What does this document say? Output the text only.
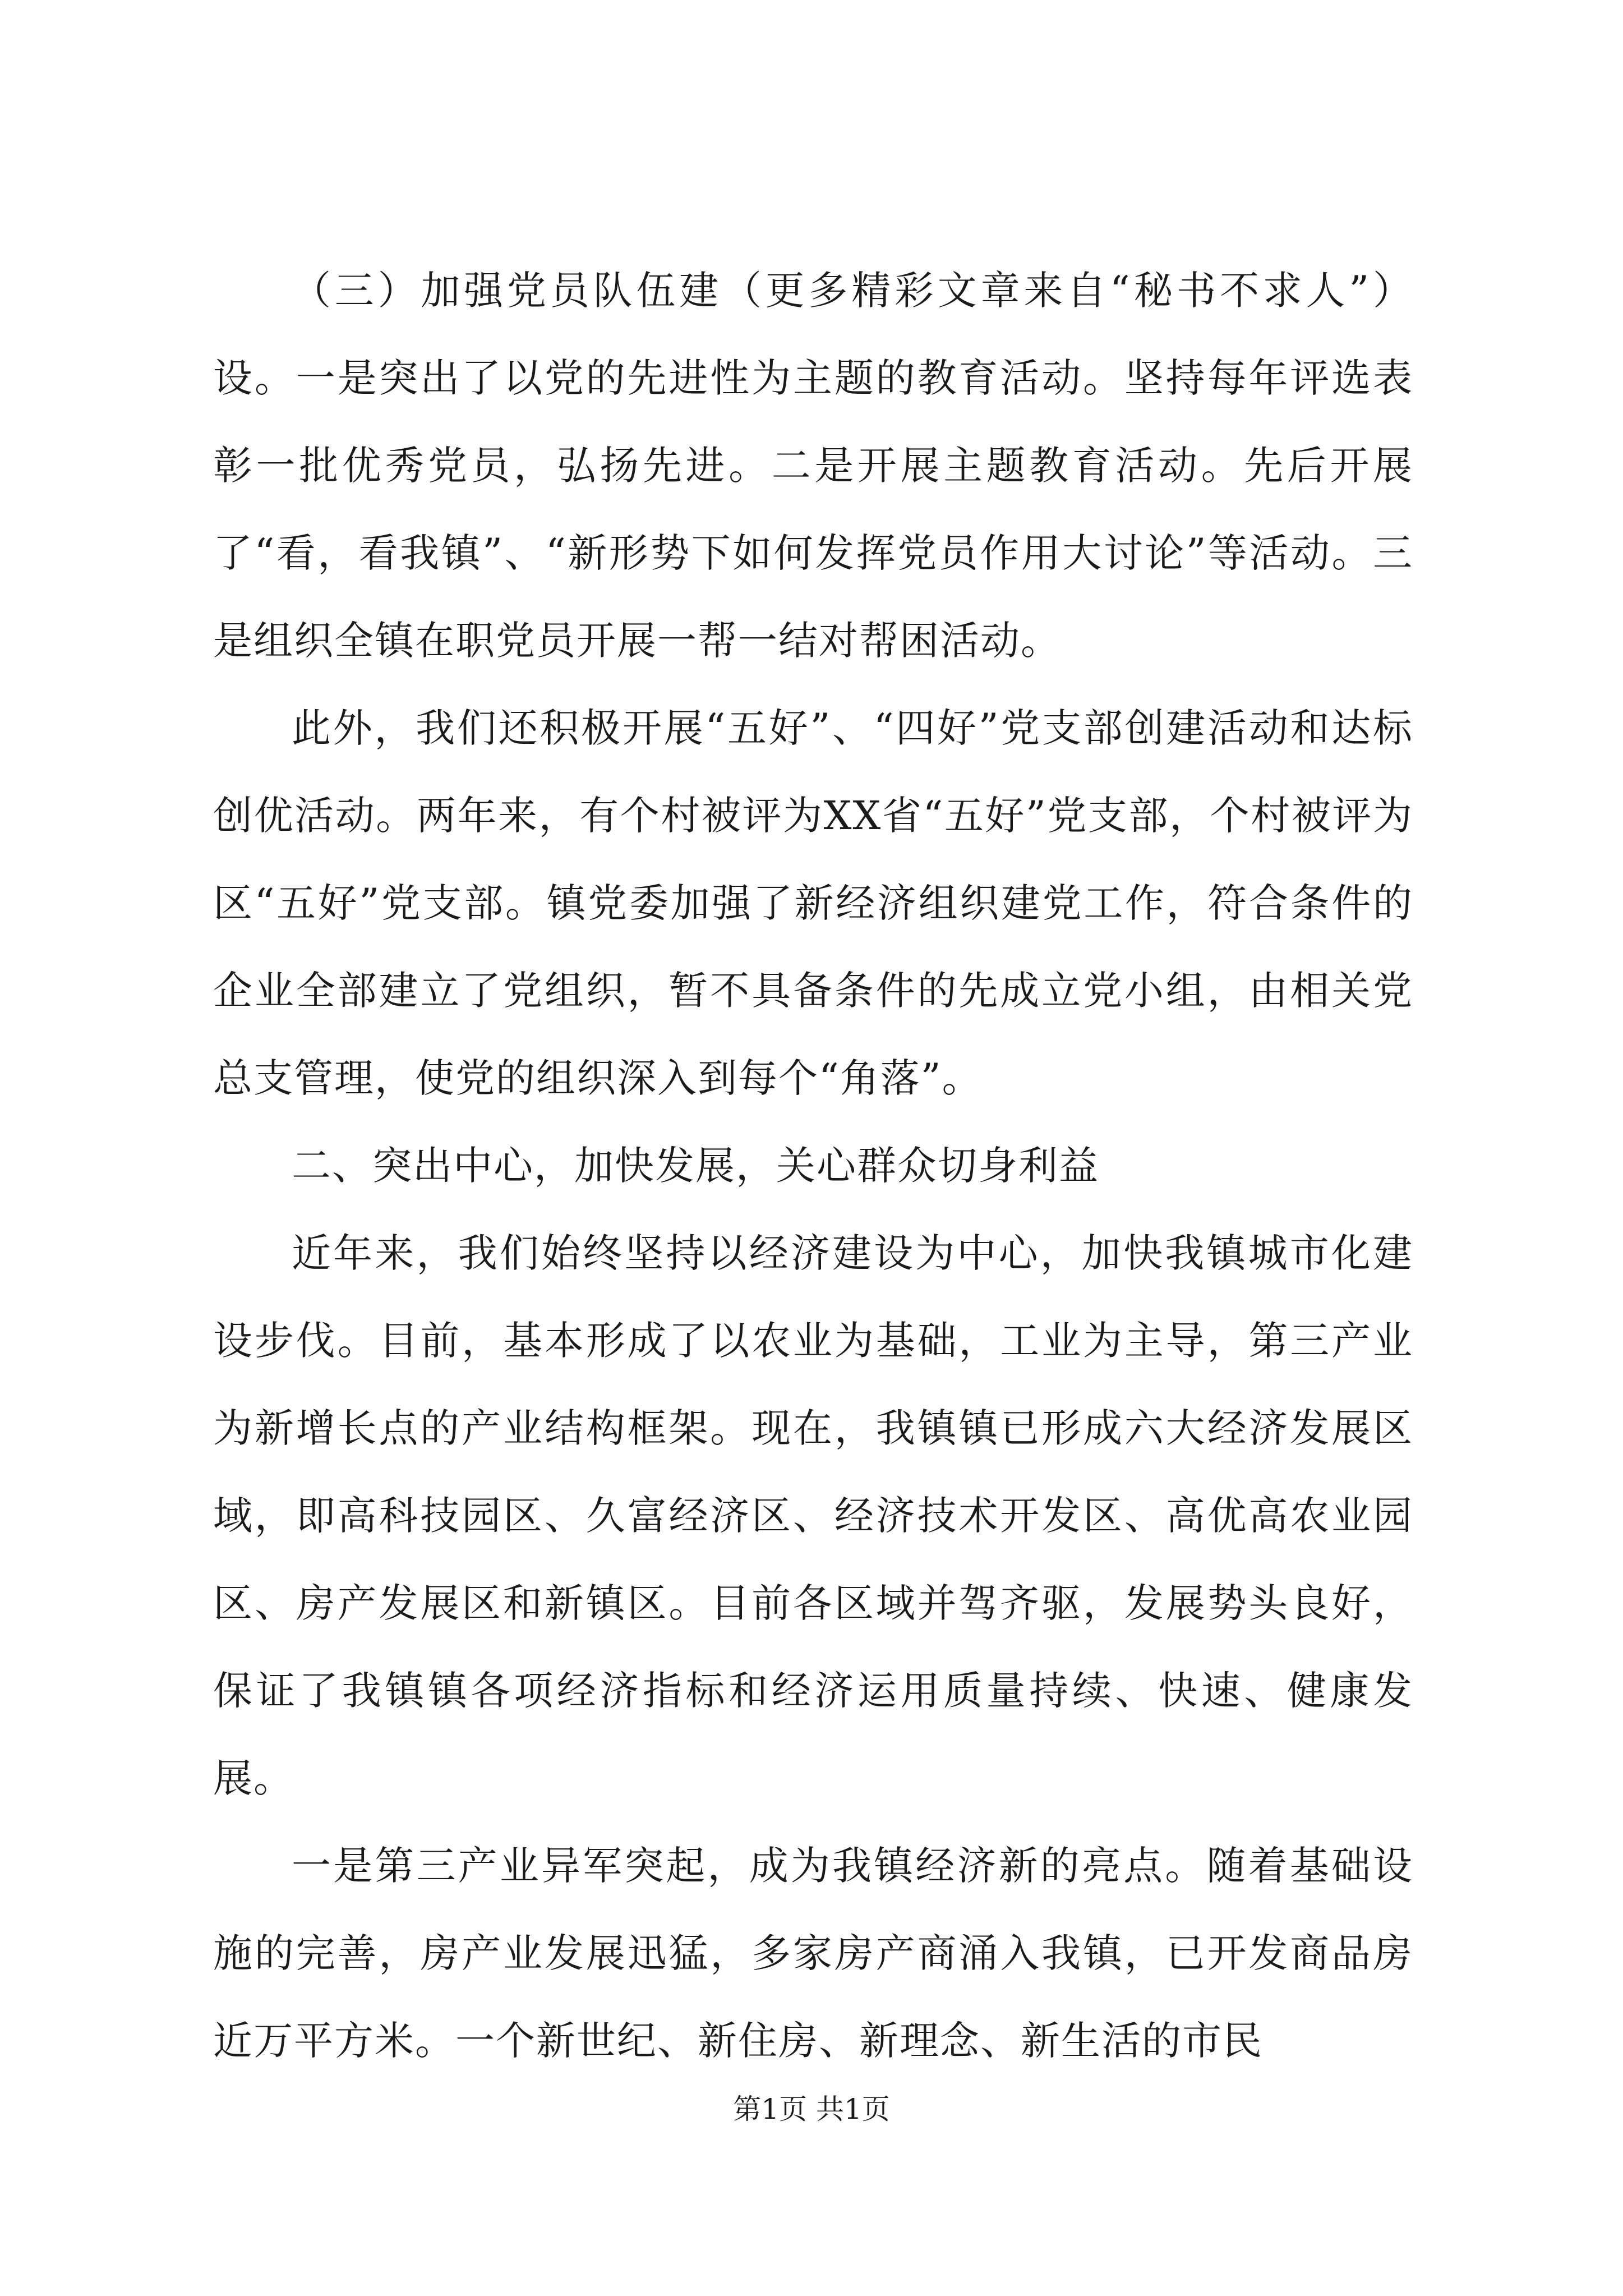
（三）加强党员队伍建（更多精彩文章来自“秘书不求人”）设。一是突出了以党的先进性为主题的教育活动。坚持每年评选表彰一批优秀党员，弘扬先进。二是开展主题教育活动。先后开展了“看，看我镇”、“新形势下如何发挥党员作用大讨论”等活动。三是组织全镇在职党员开展一帮一结对帮困活动。

此外，我们还积极开展“五好”、“四好”党支部创建活动和达标创优活动。两年来，有个村被评为XX省“五好”党支部，个村被评为区“五好”党支部。镇党委加强了新经济组织建党工作，符合条件的企业全部建立了党组织，暂不具备条件的先成立党小组，由相关党总支管理，使党的组织深入到每个“角落”。

二、突出中心，加快发展，关心群众切身利益

近年来，我们始终坚持以经济建设为中心，加快我镇城市化建设步伐。目前，基本形成了以农业为基础，工业为主导，第三产业为新增长点的产业结构框架。现在，我镇镇已形成六大经济发展区域，即高科技园区、久富经济区、经济技术开发区、高优高农业园区、房产发展区和新镇区。目前各区域并驾齐驱，发展势头良好，保证了我镇镇各项经济指标和经济运用质量持续、快速、健康发展。

一是第三产业异军突起，成为我镇经济新的亮点。随着基础设施的完善，房产业发展迅猛，多家房产商涌入我镇，已开发商品房近万平方米。一个新世纪、新住房、新理念、新生活的市民

第1页 共1页
